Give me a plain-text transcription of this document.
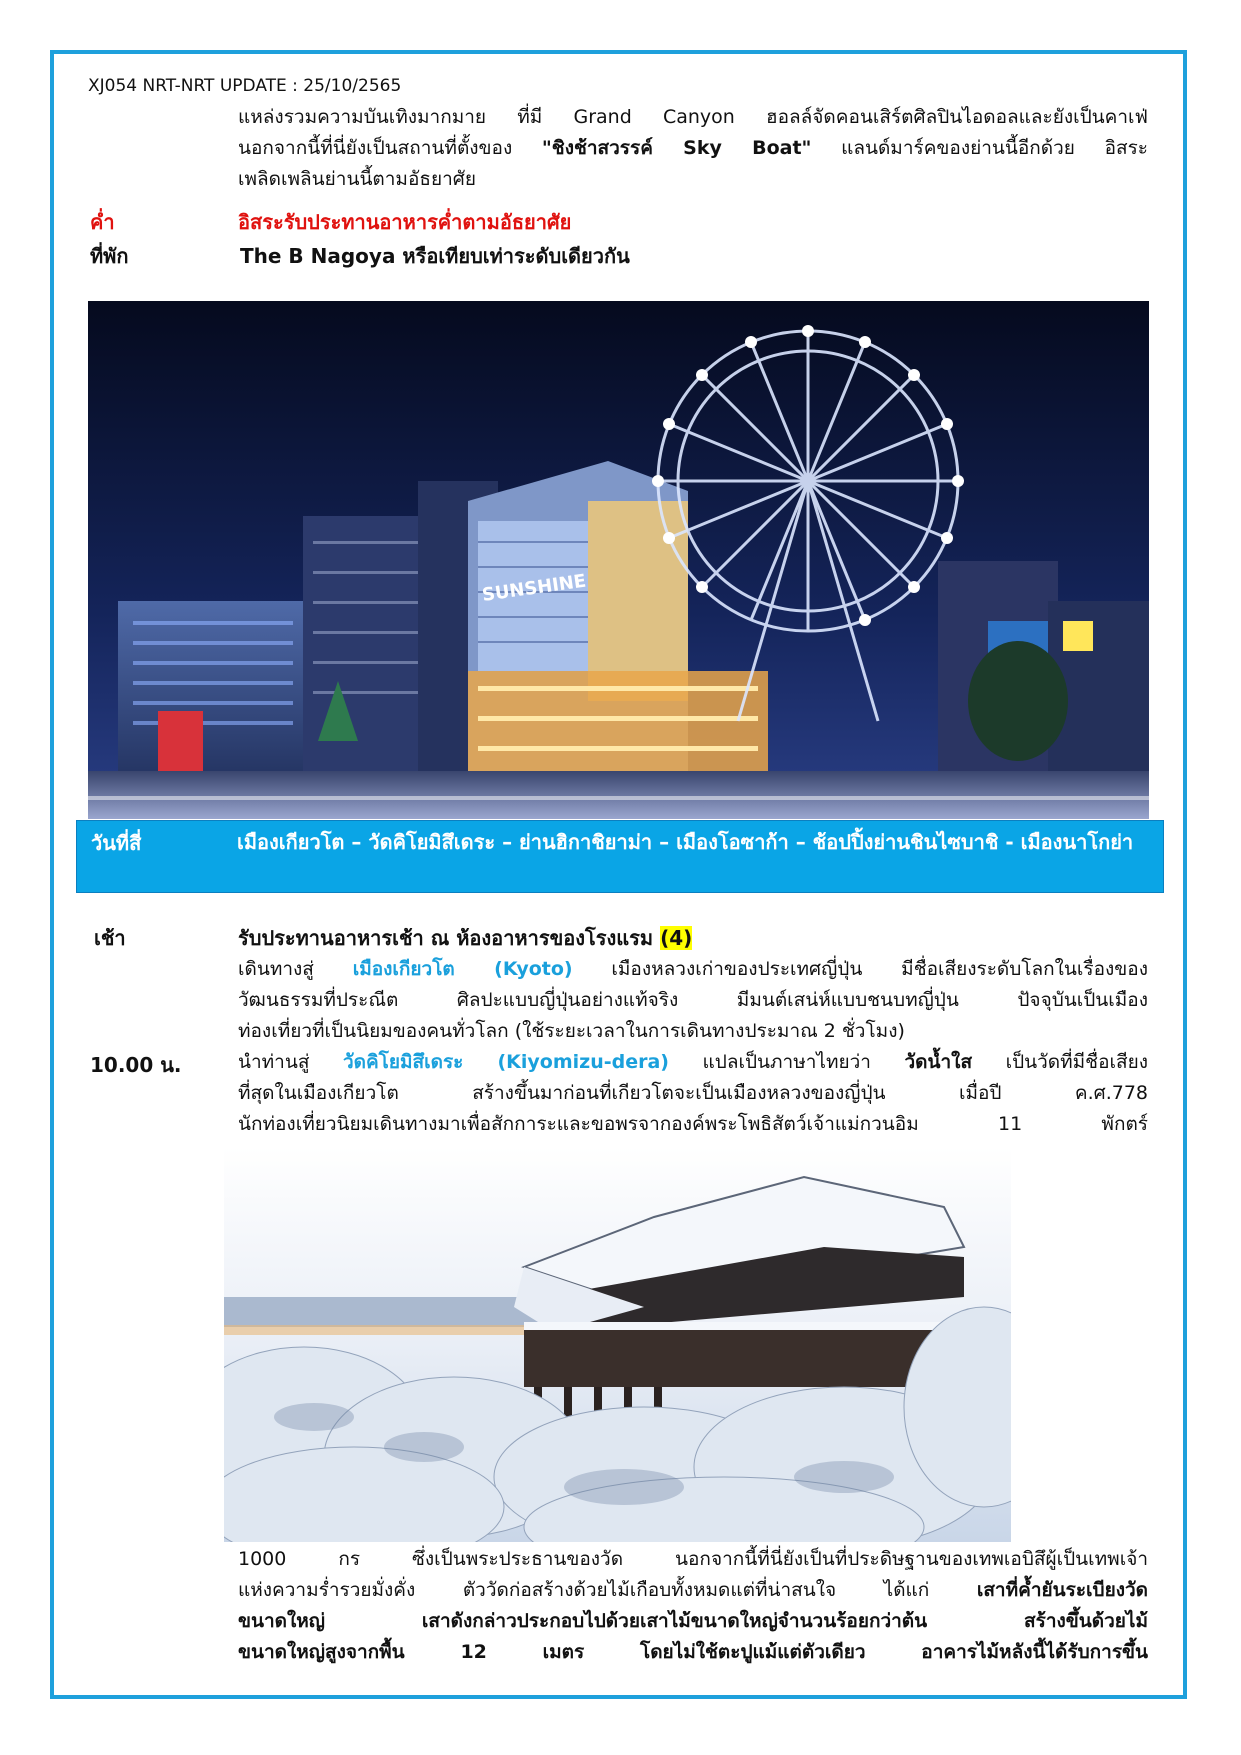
XJ054 NRT-NRT UPDATE : 25/10/2565
แหล่งรวมความบันเทิงมากมาย ที่มี Grand Canyon ฮอลล์จัดคอนเสิร์ตศิลปินไอดอลและยังเป็นคาเฟ่
นอกจากนี้ที่นี่ยังเป็นสถานที่ตั้งของ "ชิงช้าสวรรค์ Sky Boat" แลนด์มาร์คของย่านนี้อีกด้วย อิสระ
เพลิดเพลินย่านนี้ตามอัธยาศัย
ค่ำ	อิสระรับประทานอาหารค่ำตามอัธยาศัย
ที่พัก	The B Nagoya หรือเทียบเท่าระดับเดียวกัน
SUNSHINE
วันที่สี่	เมืองเกียวโต – วัดคิโยมิสึเดระ – ย่านฮิกาชิยาม่า – เมืองโอซาก้า – ช้อปปิ้งย่านชินไซบาชิ - เมืองนาโกย่า
เช้า	รับประทานอาหารเช้า ณ ห้องอาหารของโรงแรม (4)
เดินทางสู่ เมืองเกียวโต (Kyoto) เมืองหลวงเก่าของประเทศญี่ปุ่น มีชื่อเสียงระดับโลกในเรื่องของ
วัฒนธรรมที่ประณีต ศิลปะแบบญี่ปุ่นอย่างแท้จริง มีมนต์เสน่ห์แบบชนบทญี่ปุ่น ปัจจุบันเป็นเมือง
ท่องเที่ยวที่เป็นนิยมของคนทั่วโลก (ใช้ระยะเวลาในการเดินทางประมาณ 2 ชั่วโมง)
10.00 น.	นำท่านสู่ วัดคิโยมิสึเดระ (Kiyomizu-dera) แปลเป็นภาษาไทยว่า วัดน้ำใส เป็นวัดที่มีชื่อเสียง
ที่สุดในเมืองเกียวโต สร้างขึ้นมาก่อนที่เกียวโตจะเป็นเมืองหลวงของญี่ปุ่น เมื่อปี ค.ศ.778
นักท่องเที่ยวนิยมเดินทางมาเพื่อสักการะและขอพรจากองค์พระโพธิสัตว์เจ้าแม่กวนอิม 11 พักตร์
1000 กร ซึ่งเป็นพระประธานของวัด นอกจากนี้ที่นี่ยังเป็นที่ประดิษฐานของเทพเอบิสึผู้เป็นเทพเจ้า
แห่งความร่ำรวยมั่งคั่ง ตัววัดก่อสร้างด้วยไม้เกือบทั้งหมดแต่ที่น่าสนใจ ได้แก่ เสาที่ค้ำยันระเบียงวัด
ขนาดใหญ่ เสาดังกล่าวประกอบไปด้วยเสาไม้ขนาดใหญ่จำนวนร้อยกว่าต้น สร้างขึ้นด้วยไม้
ขนาดใหญ่สูงจากพื้น 12 เมตร โดยไม่ใช้ตะปูแม้แต่ตัวเดียว อาคารไม้หลังนี้ได้รับการขึ้น
